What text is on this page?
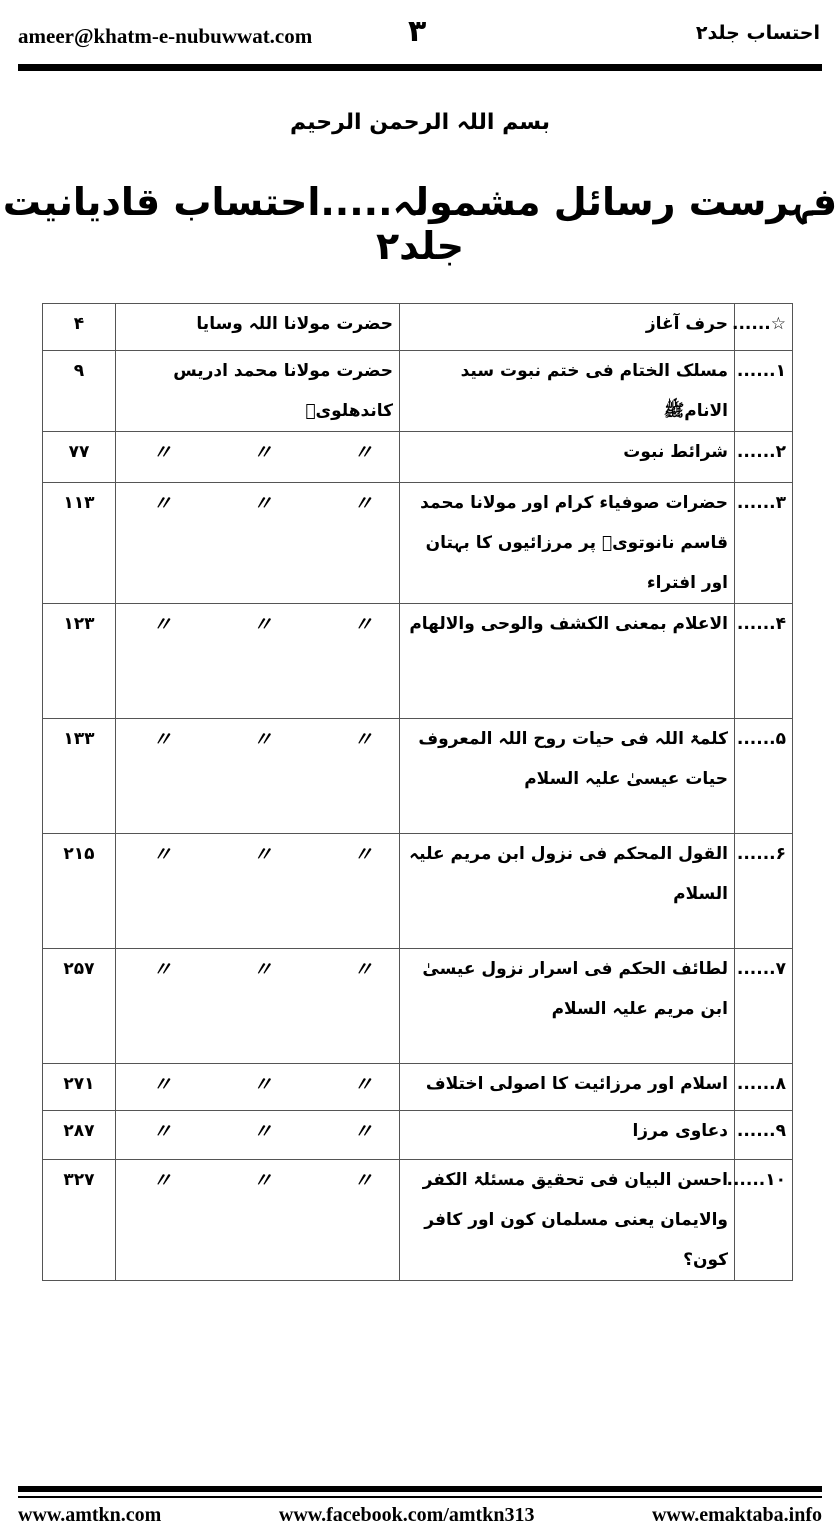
ameer@khatm-e-nubuwwat.com	۳	احتساب جلد۲
بسم اللہ الرحمن الرحیم
فہرست رسائل مشمولہ.....احتساب قادیانیت جلد۲
☆......	حرف آغاز	حضرت مولانا اللہ وسایا	۴
۱......	مسلک الختام فی ختم نبوت سید الانامﷺ	حضرت مولانا محمد ادریس کاندھلویؒ	۹
۲......	شرائط نبوت	〃 〃 〃	۷۷
۳......	حضرات صوفیاء کرام اور مولانا محمد قاسم نانوتویؒ پر مرزائیوں کا بہتان اور افتراء	〃 〃 〃	۱۱۳
۴......	الاعلام بمعنی الکشف والوحی والالھام	〃 〃 〃	۱۲۳
۵......	کلمۃ اللہ فی حیات روح اللہ المعروف حیات عیسیٰ علیہ السلام	〃 〃 〃	۱۳۳
۶......	القول المحکم فی نزول ابن مریم علیہ السلام	〃 〃 〃	۲۱۵
۷......	لطائف الحکم فی اسرار نزول عیسیٰ ابن مریم علیہ السلام	〃 〃 〃	۲۵۷
۸......	اسلام اور مرزائیت کا اصولی اختلاف	〃 〃 〃	۲۷۱
۹......	دعاوی مرزا	〃 〃 〃	۲۸۷
۱۰......	احسن البیان فی تحقیق مسئلۃ الکفر والایمان یعنی مسلمان کون اور کافر کون؟	〃 〃 〃	۳۲۷
www.amtkn.com	www.facebook.com/amtkn313	www.emaktaba.info
